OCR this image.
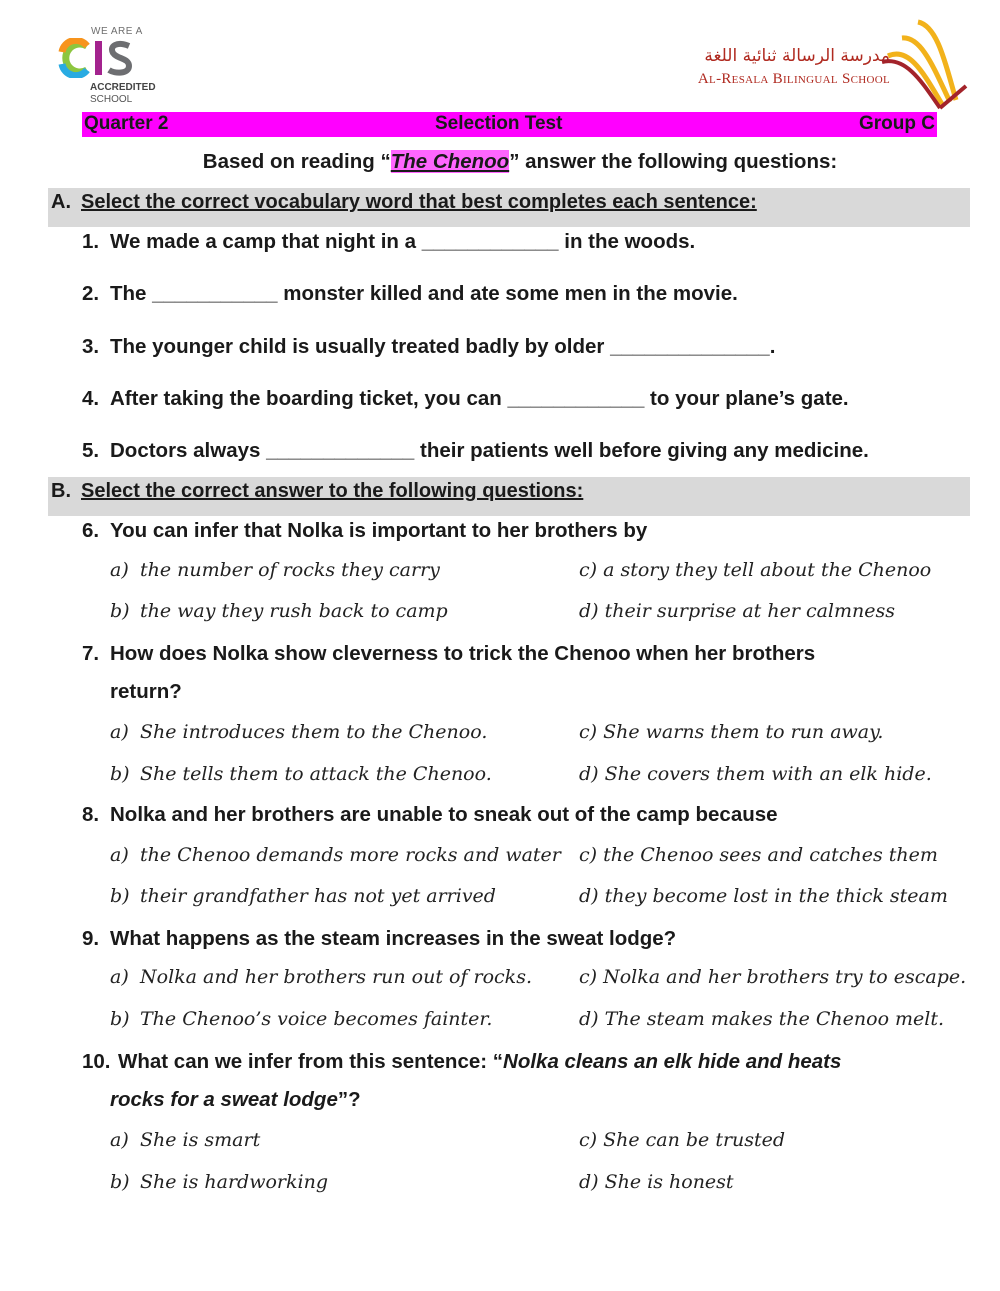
WE ARE A
ACCREDITED
SCHOOL
مدرسة الرسالة ثنائية اللغة
Al-Resala Bilingual School
Quarter 2	Selection Test	Group C
Based on reading “The Chenoo” answer the following questions:
A. Select the correct vocabulary word that best completes each sentence:
1. We made a camp that night in a ____________ in the woods.
2. The ___________ monster killed and ate some men in the movie.
3. The younger child is usually treated badly by older ______________.
4. After taking the boarding ticket, you can ____________ to your plane’s gate.
5. Doctors always _____________ their patients well before giving any medicine.
B. Select the correct answer to the following questions:
6. You can infer that Nolka is important to her brothers by
a) the number of rocks they carry	c) a story they tell about the Chenoo
b) the way they rush back to camp	d) their surprise at her calmness
7. How does Nolka show cleverness to trick the Chenoo when her brothers
return?
a) She introduces them to the Chenoo.	c) She warns them to run away.
b) She tells them to attack the Chenoo.	d) She covers them with an elk hide.
8. Nolka and her brothers are unable to sneak out of the camp because
a) the Chenoo demands more rocks and water c) the Chenoo sees and catches them
b) their grandfather has not yet arrived	d) they become lost in the thick steam
9. What happens as the steam increases in the sweat lodge?
a) Nolka and her brothers run out of rocks. c) Nolka and her brothers try to escape.
b) The Chenoo’s voice becomes fainter.	d) The steam makes the Chenoo melt.
10. What can we infer from this sentence: “Nolka cleans an elk hide and heats
rocks for a sweat lodge”?
a) She is smart	c) She can be trusted
b) She is hardworking	d) She is honest
